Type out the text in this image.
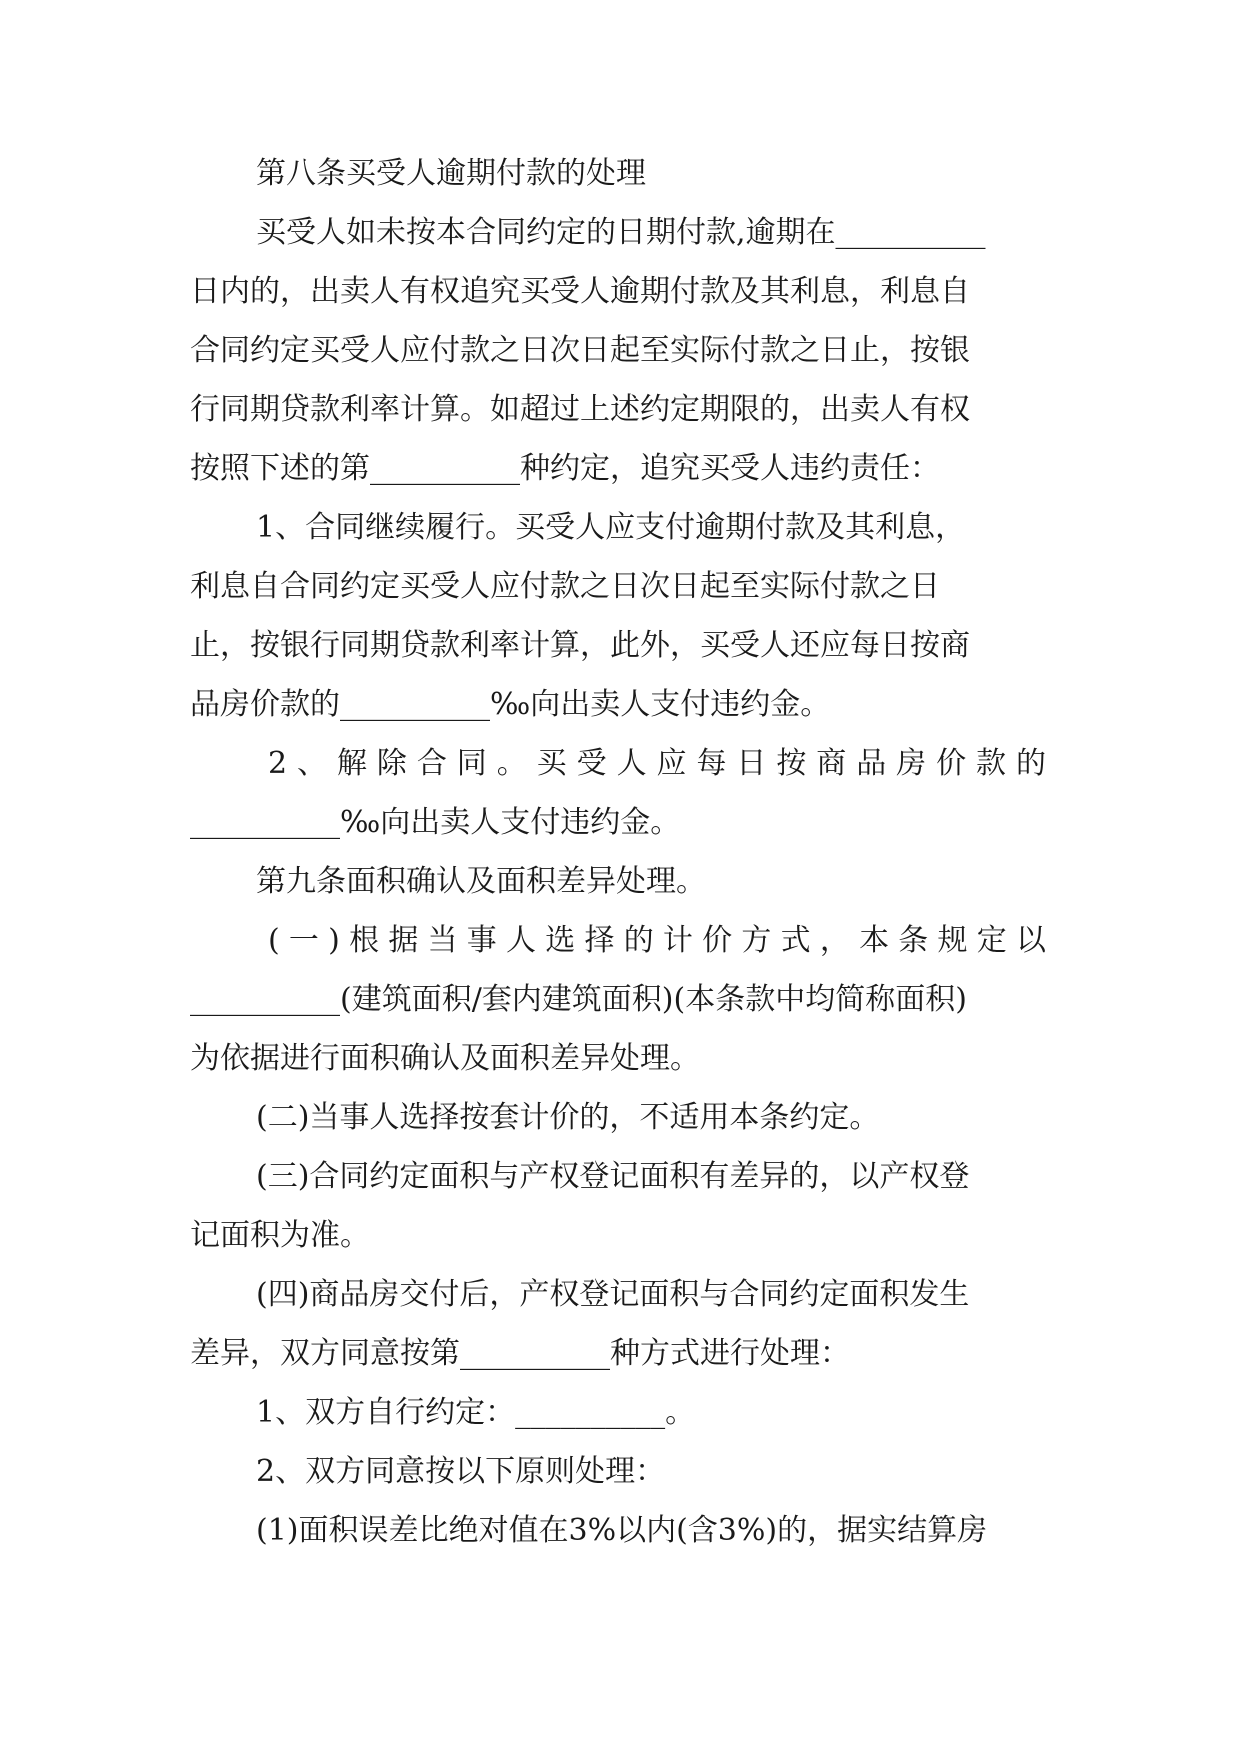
第八条买受人逾期付款的处理
买受人如未按本合同约定的日期付款,逾期在__________
日内的，出卖人有权追究买受人逾期付款及其利息，利息自
合同约定买受人应付款之日次日起至实际付款之日止，按银
行同期贷款利率计算。如超过上述约定期限的，出卖人有权
按照下述的第__________种约定，追究买受人违约责任：
1、合同继续履行。买受人应支付逾期付款及其利息，
利息自合同约定买受人应付款之日次日起至实际付款之日
止，按银行同期贷款利率计算，此外，买受人还应每日按商
品房价款的__________‰向出卖人支付违约金。
2、解除合同。买受人应每日按商品房价款的
__________‰向出卖人支付违约金。
第九条面积确认及面积差异处理。
(一)根据当事人选择的计价方式，本条规定以
__________(建筑面积/套内建筑面积)(本条款中均简称面积)
为依据进行面积确认及面积差异处理。
(二)当事人选择按套计价的，不适用本条约定。
(三)合同约定面积与产权登记面积有差异的，以产权登
记面积为准。
(四)商品房交付后，产权登记面积与合同约定面积发生
差异，双方同意按第__________种方式进行处理：
1、双方自行约定：__________。
2、双方同意按以下原则处理：
(1)面积误差比绝对值在3%以内(含3%)的，据实结算房
